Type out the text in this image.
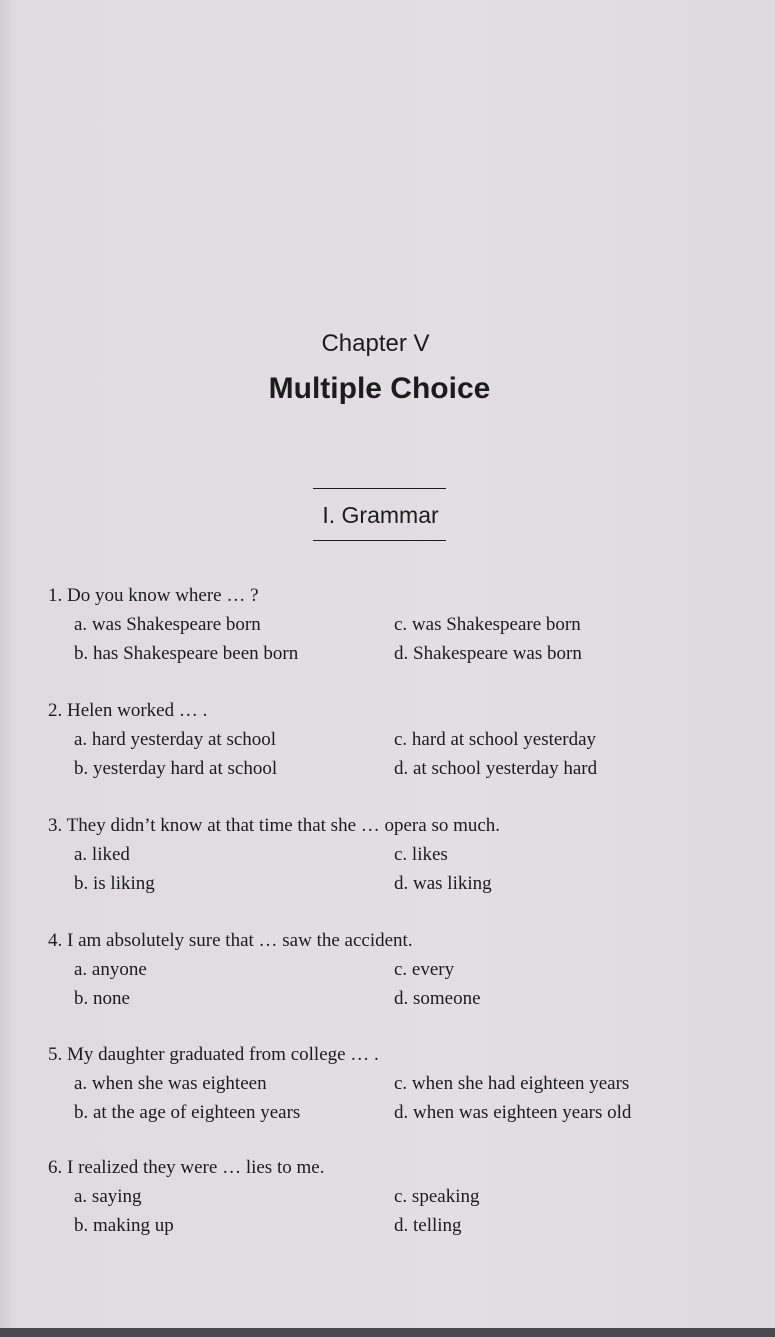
Chapter V
Multiple Choice
I. Grammar
1. Do you know where … ?
a. was Shakespeare born	c. was Shakespeare born
b. has Shakespeare been born	d. Shakespeare was born
2. Helen worked … .
a. hard yesterday at school	c. hard at school yesterday
b. yesterday hard at school	d. at school yesterday hard
3. They didn’t know at that time that she … opera so much.
a. liked	c. likes
b. is liking	d. was liking
4. I am absolutely sure that … saw the accident.
a. anyone	c. every
b. none	d. someone
5. My daughter graduated from college … .
a. when she was eighteen	c. when she had eighteen years
b. at the age of eighteen years	d. when was eighteen years old
6. I realized they were … lies to me.
a. saying	c. speaking
b. making up	d. telling
